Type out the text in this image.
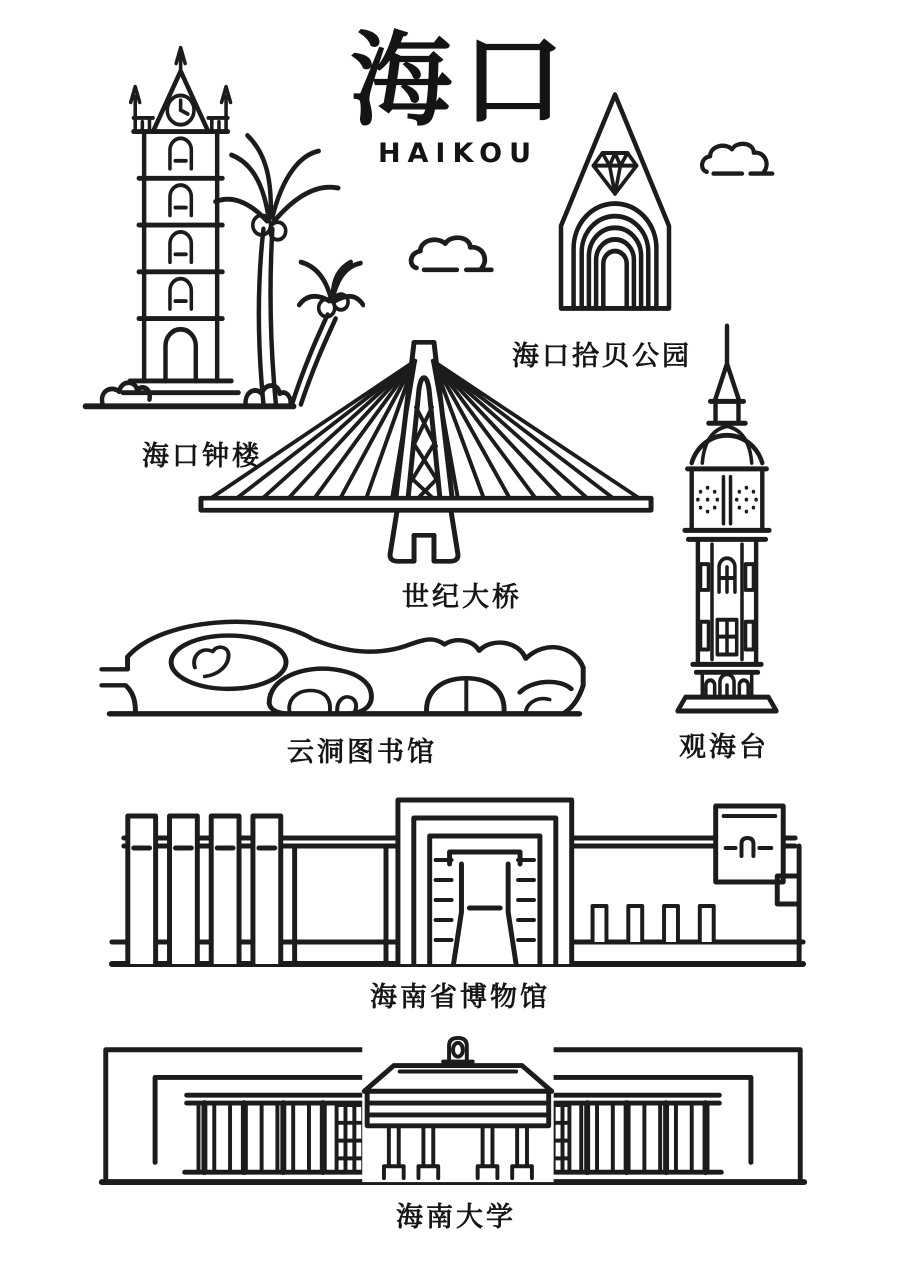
海口
HAIKOU
海口钟楼
海口拾贝公园
世纪大桥
云洞图书馆	观海台
海南省博物馆
海南大学
